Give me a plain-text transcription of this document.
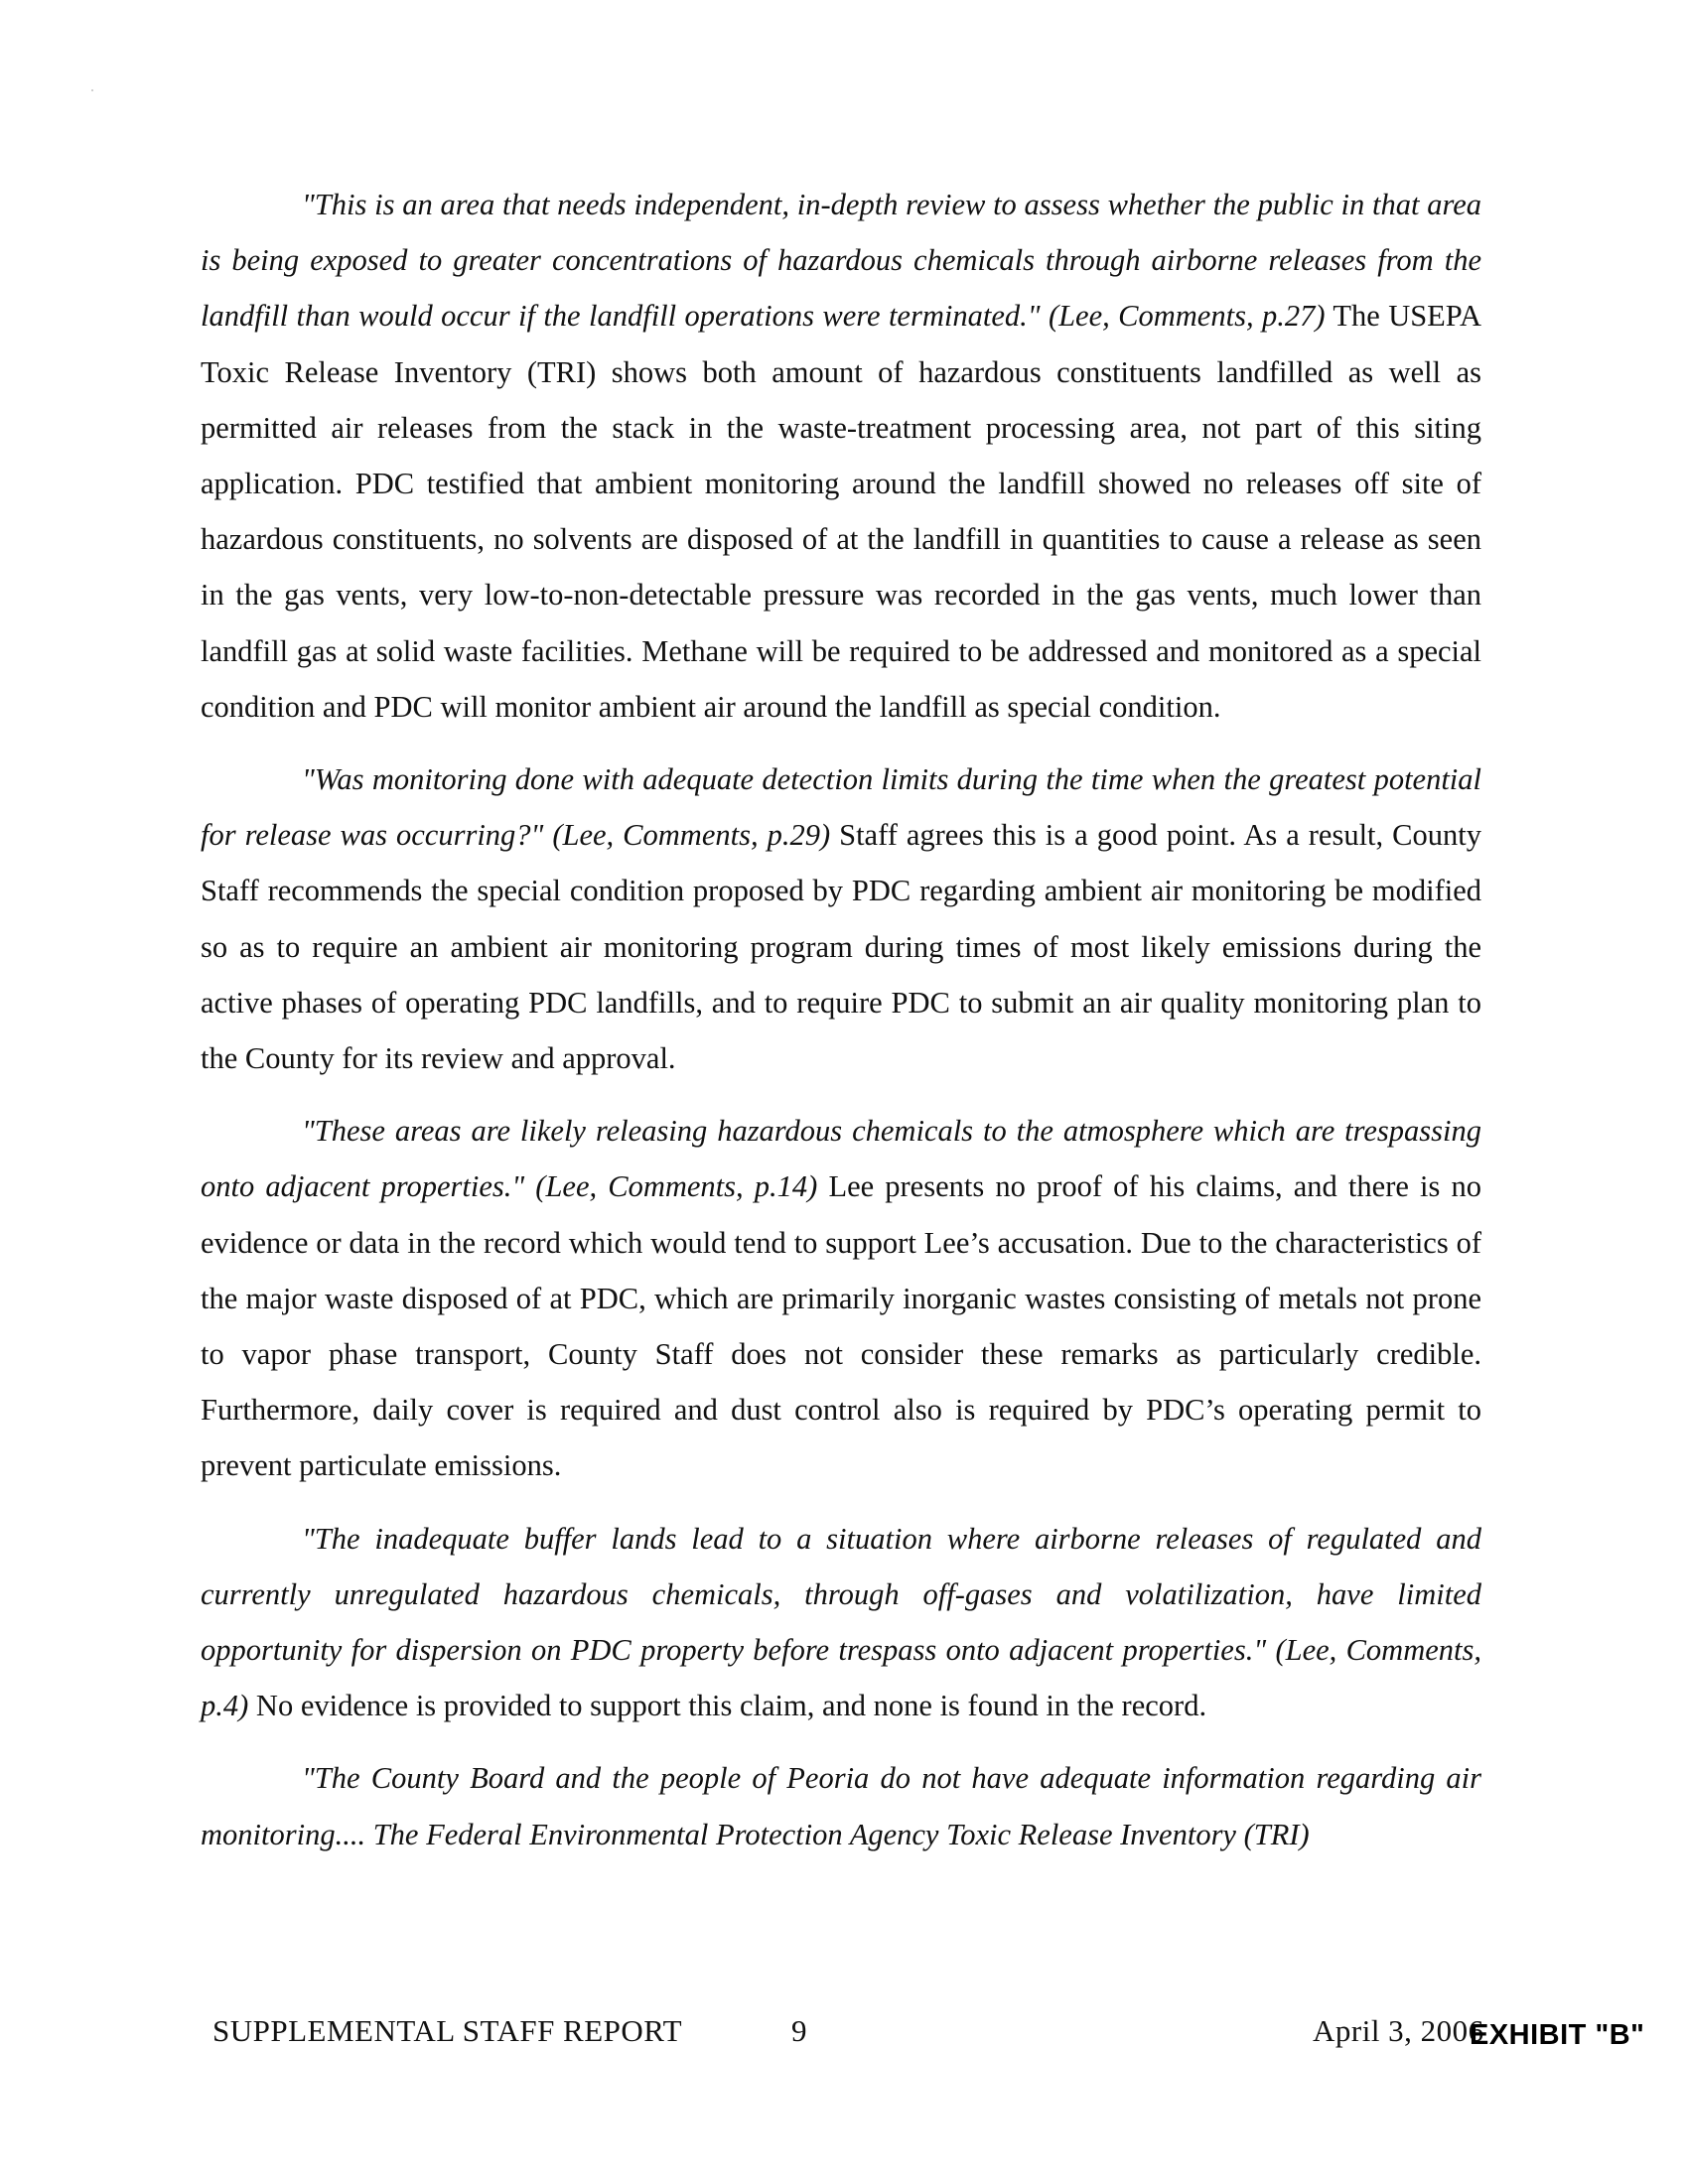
"This is an area that needs independent, in-depth review to assess whether the public in that area is being exposed to greater concentrations of hazardous chemicals through airborne releases from the landfill than would occur if the landfill operations were terminated." (Lee, Comments, p.27) The USEPA Toxic Release Inventory (TRI) shows both amount of hazardous constituents landfilled as well as permitted air releases from the stack in the waste-treatment processing area, not part of this siting application. PDC testified that ambient monitoring around the landfill showed no releases off site of hazardous constituents, no solvents are disposed of at the landfill in quantities to cause a release as seen in the gas vents, very low-to-non-detectable pressure was recorded in the gas vents, much lower than landfill gas at solid waste facilities. Methane will be required to be addressed and monitored as a special condition and PDC will monitor ambient air around the landfill as special condition.

"Was monitoring done with adequate detection limits during the time when the greatest potential for release was occurring?" (Lee, Comments, p.29) Staff agrees this is a good point. As a result, County Staff recommends the special condition proposed by PDC regarding ambient air monitoring be modified so as to require an ambient air monitoring program during times of most likely emissions during the active phases of operating PDC landfills, and to require PDC to submit an air quality monitoring plan to the County for its review and approval.

"These areas are likely releasing hazardous chemicals to the atmosphere which are trespassing onto adjacent properties." (Lee, Comments, p.14) Lee presents no proof of his claims, and there is no evidence or data in the record which would tend to support Lee’s accusation. Due to the characteristics of the major waste disposed of at PDC, which are primarily inorganic wastes consisting of metals not prone to vapor phase transport, County Staff does not consider these remarks as particularly credible. Furthermore, daily cover is required and dust control also is required by PDC’s operating permit to prevent particulate emissions.

"The inadequate buffer lands lead to a situation where airborne releases of regulated and currently unregulated hazardous chemicals, through off-gases and volatilization, have limited opportunity for dispersion on PDC property before trespass onto adjacent properties." (Lee, Comments, p.4) No evidence is provided to support this claim, and none is found in the record.

"The County Board and the people of Peoria do not have adequate information regarding air monitoring.... The Federal Environmental Protection Agency Toxic Release Inventory (TRI)

SUPPLEMENTAL STAFF REPORT	9	April 3, 2006
EXHIBIT "B"
